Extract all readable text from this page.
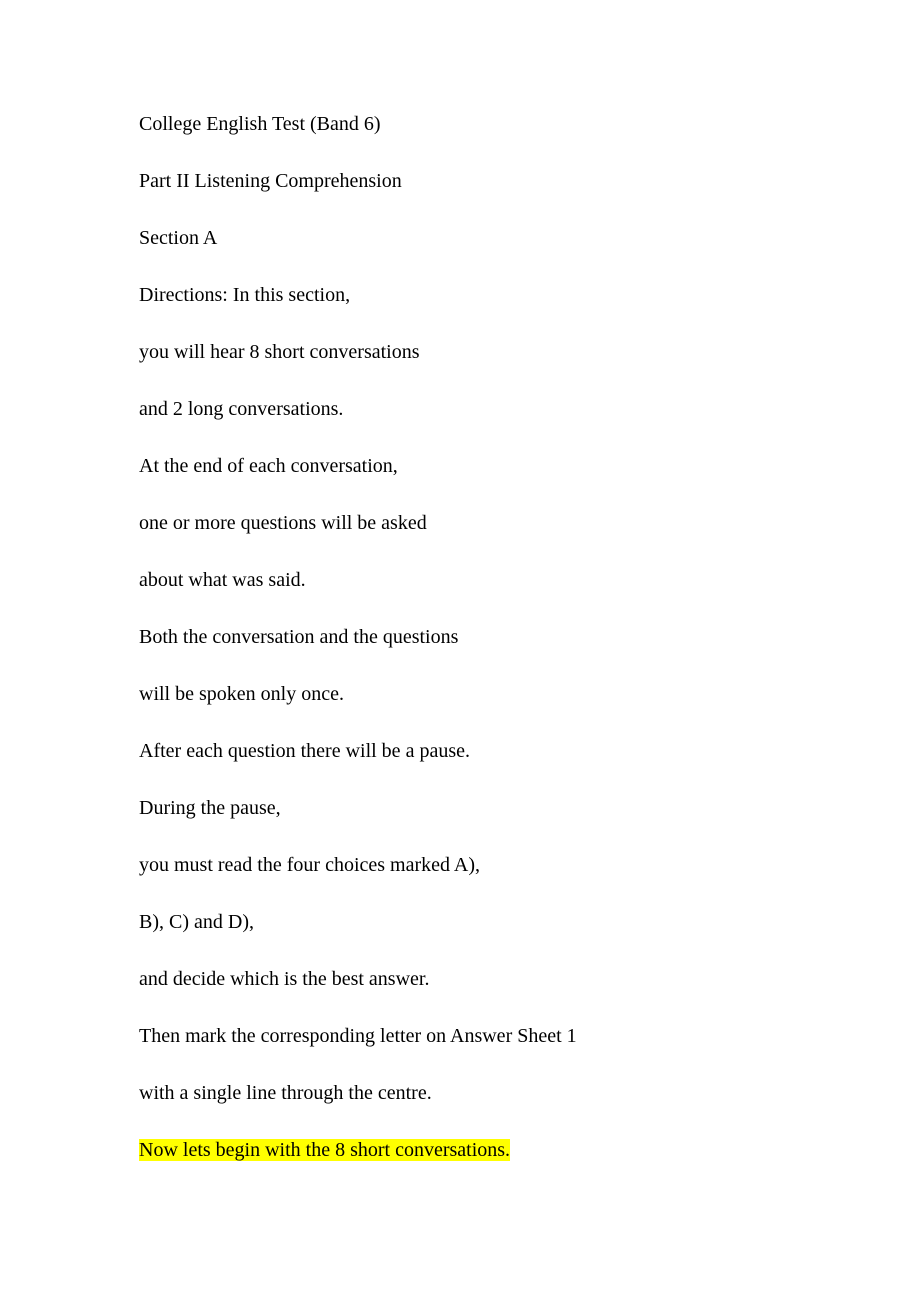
College English Test (Band 6)

Part II Listening Comprehension

Section A

Directions: In this section,

you will hear 8 short conversations

and 2 long conversations.

At the end of each conversation,

one or more questions will be asked

about what was said.

Both the conversation and the questions

will be spoken only once.

After each question there will be a pause.

During the pause,

you must read the four choices marked A),

B), C) and D),

and decide which is the best answer.

Then mark the corresponding letter on Answer Sheet 1

with a single line through the centre.

Now lets begin with the 8 short conversations.
